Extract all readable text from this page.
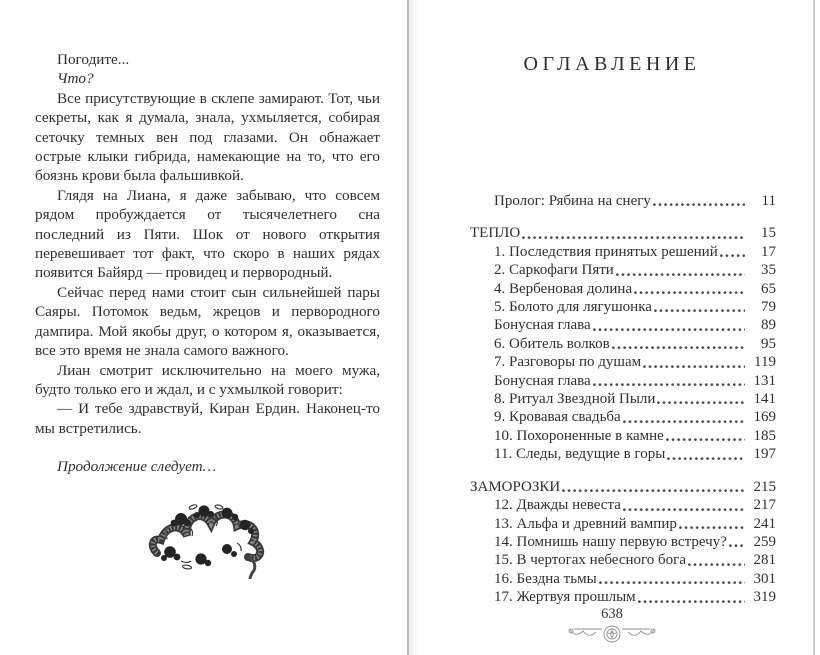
Погодите...

Что?

Все присутствующие в склепе замирают. Тот, чьи секреты, как я думала, знала, ухмыляется, собирая сеточку темных вен под глазами. Он обнажает острые клыки гибрида, намекающие на то, что его боязнь крови была фальшивкой.

Глядя на Лиана, я даже забываю, что совсем рядом пробуждается от тысячелетнего сна последний из Пяти. Шок от нового открытия перевешивает тот факт, что скоро в наших рядах появится Байярд — провидец и первородный.

Сейчас перед нами стоит сын сильнейшей пары Саяры. Потомок ведьм, жрецов и первородного дампира. Мой якобы друг, о котором я, оказывается, все это время не знала самого важного.

Лиан смотрит исключительно на моего мужа, будто только его и ждал, и с ухмылкой говорит:

— И тебе здравствуй, Киран Ердин. Наконец-то мы встретились.

Продолжение следует…

ОГЛАВЛЕНИЕ
Пролог: Рябина на снегу	11
ТЕПЛО	15
1. Последствия принятых решений	17
2. Саркофаги Пяти	35
4. Вербеновая долина	65
5. Болото для лягушонка	79
Бонусная глава	89
6. Обитель волков	95
7. Разговоры по душам	119
Бонусная глава	131
8. Ритуал Звездной Пыли	141
9. Кровавая свадьба	169
10. Похороненные в камне	185
11. Следы, ведущие в горы	197
ЗАМОРОЗКИ	215
12. Дважды невеста	217
13. Альфа и древний вампир	241
14. Помнишь нашу первую встречу? 259
15. В чертогах небесного бога	281
16. Бездна тьмы	301
17. Жертвуя прошлым	319
638
